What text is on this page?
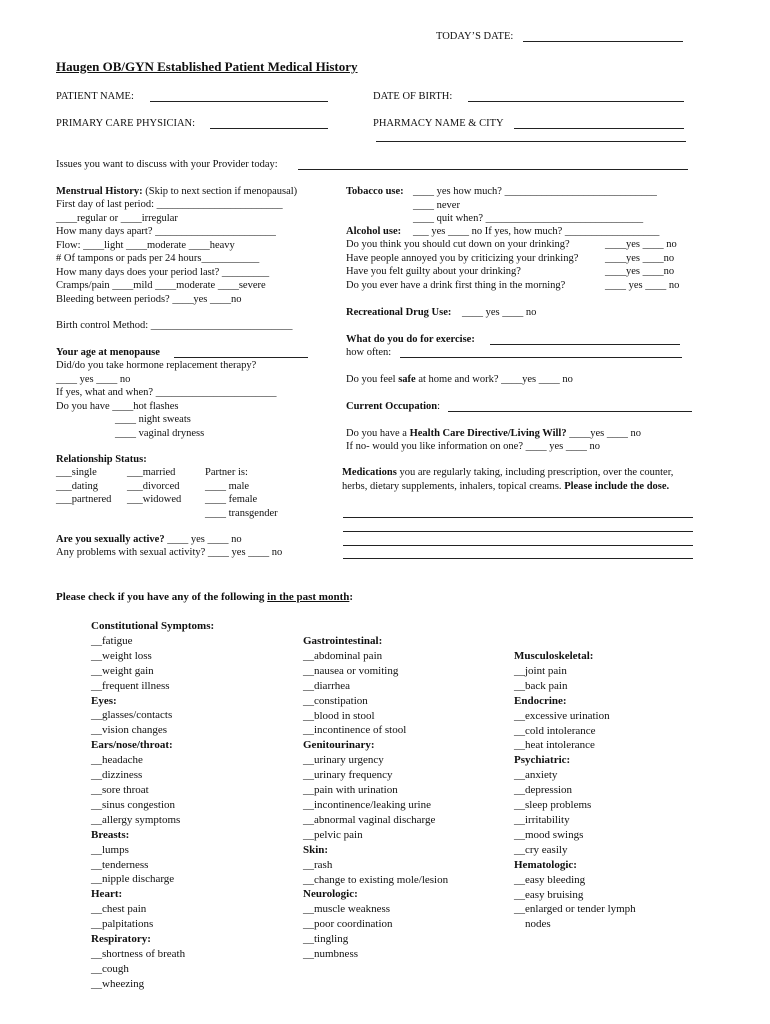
TODAY’S DATE:
Haugen OB/GYN Established Patient Medical History
PATIENT NAME:	DATE OF BIRTH:
PRIMARY CARE PHYSICIAN:	PHARMACY NAME & CITY
Issues you want to discuss with your Provider today:
Menstrual History: (Skip to next section if menopausal)
First day of last period: ________________________
____regular or ____irregular
How many days apart? _______________________
Flow: ____light ____moderate ____heavy
# Of tampons or pads per 24 hours___________
How many days does your period last? _________
Cramps/pain ____mild ____moderate ____severe
Bleeding between periods? ____yes ____no
Birth control Method: ___________________________
Your age at menopause
Did/do you take hormone replacement therapy?
____ yes ____ no
If yes, what and when? _______________________
Do you have ____hot flashes
____ night sweats
____ vaginal dryness
Relationship Status:
___single
___dating
___partnered
___married
___divorced
___widowed
Partner is:
____ male
____ female
____ transgender
Are you sexually active? ____ yes ____ no
Any problems with sexual activity? ____ yes ____ no
Tobacco use: ____ yes how much? _____________________________
____ never
____ quit when? ______________________________
Alcohol use: ___ yes ____ no If yes, how much? __________________
Do you think you should cut down on your drinking?
Have people annoyed you by criticizing your drinking?
Have you felt guilty about your drinking?
Do you ever have a drink first thing in the morning?
____yes ____ no
____yes ____no
____yes ____no
____ yes ____ no
Recreational Drug Use: ____ yes ____ no
What do you do for exercise:
how often:
Do you feel safe at home and work? ____yes ____ no
Current Occupation:
Do you have a Health Care Directive/Living Will? ____yes ____ no
If no- would you like information on one? ____ yes ____ no
Medications you are regularly taking, including prescription, over the counter,
herbs, dietary supplements, inhalers, topical creams. Please include the dose.
Please check if you have any of the following in the past month:
Constitutional Symptoms:
__fatigue
__weight loss
__weight gain
__frequent illness
Eyes:
__glasses/contacts
__vision changes
Ears/nose/throat:
__headache
__dizziness
__sore throat
__sinus congestion
__allergy symptoms
Breasts:
__lumps
__tenderness
__nipple discharge
Heart:
__chest pain
__palpitations
Respiratory:
__shortness of breath
__cough
__wheezing
Gastrointestinal:
__abdominal pain
__nausea or vomiting
__diarrhea
__constipation
__blood in stool
__incontinence of stool
Genitourinary:
__urinary urgency
__urinary frequency
__pain with urination
__incontinence/leaking urine
__abnormal vaginal discharge
__pelvic pain
Skin:
__rash
__change to existing mole/lesion
Neurologic:
__muscle weakness
__poor coordination
__tingling
__numbness
Musculoskeletal:
__joint pain
__back pain
Endocrine:
__excessive urination
__cold intolerance
__heat intolerance
Psychiatric:
__anxiety
__depression
__sleep problems
__irritability
__mood swings
__cry easily
Hematologic:
__easy bleeding
__easy bruising
__enlarged or tender lymph
nodes
